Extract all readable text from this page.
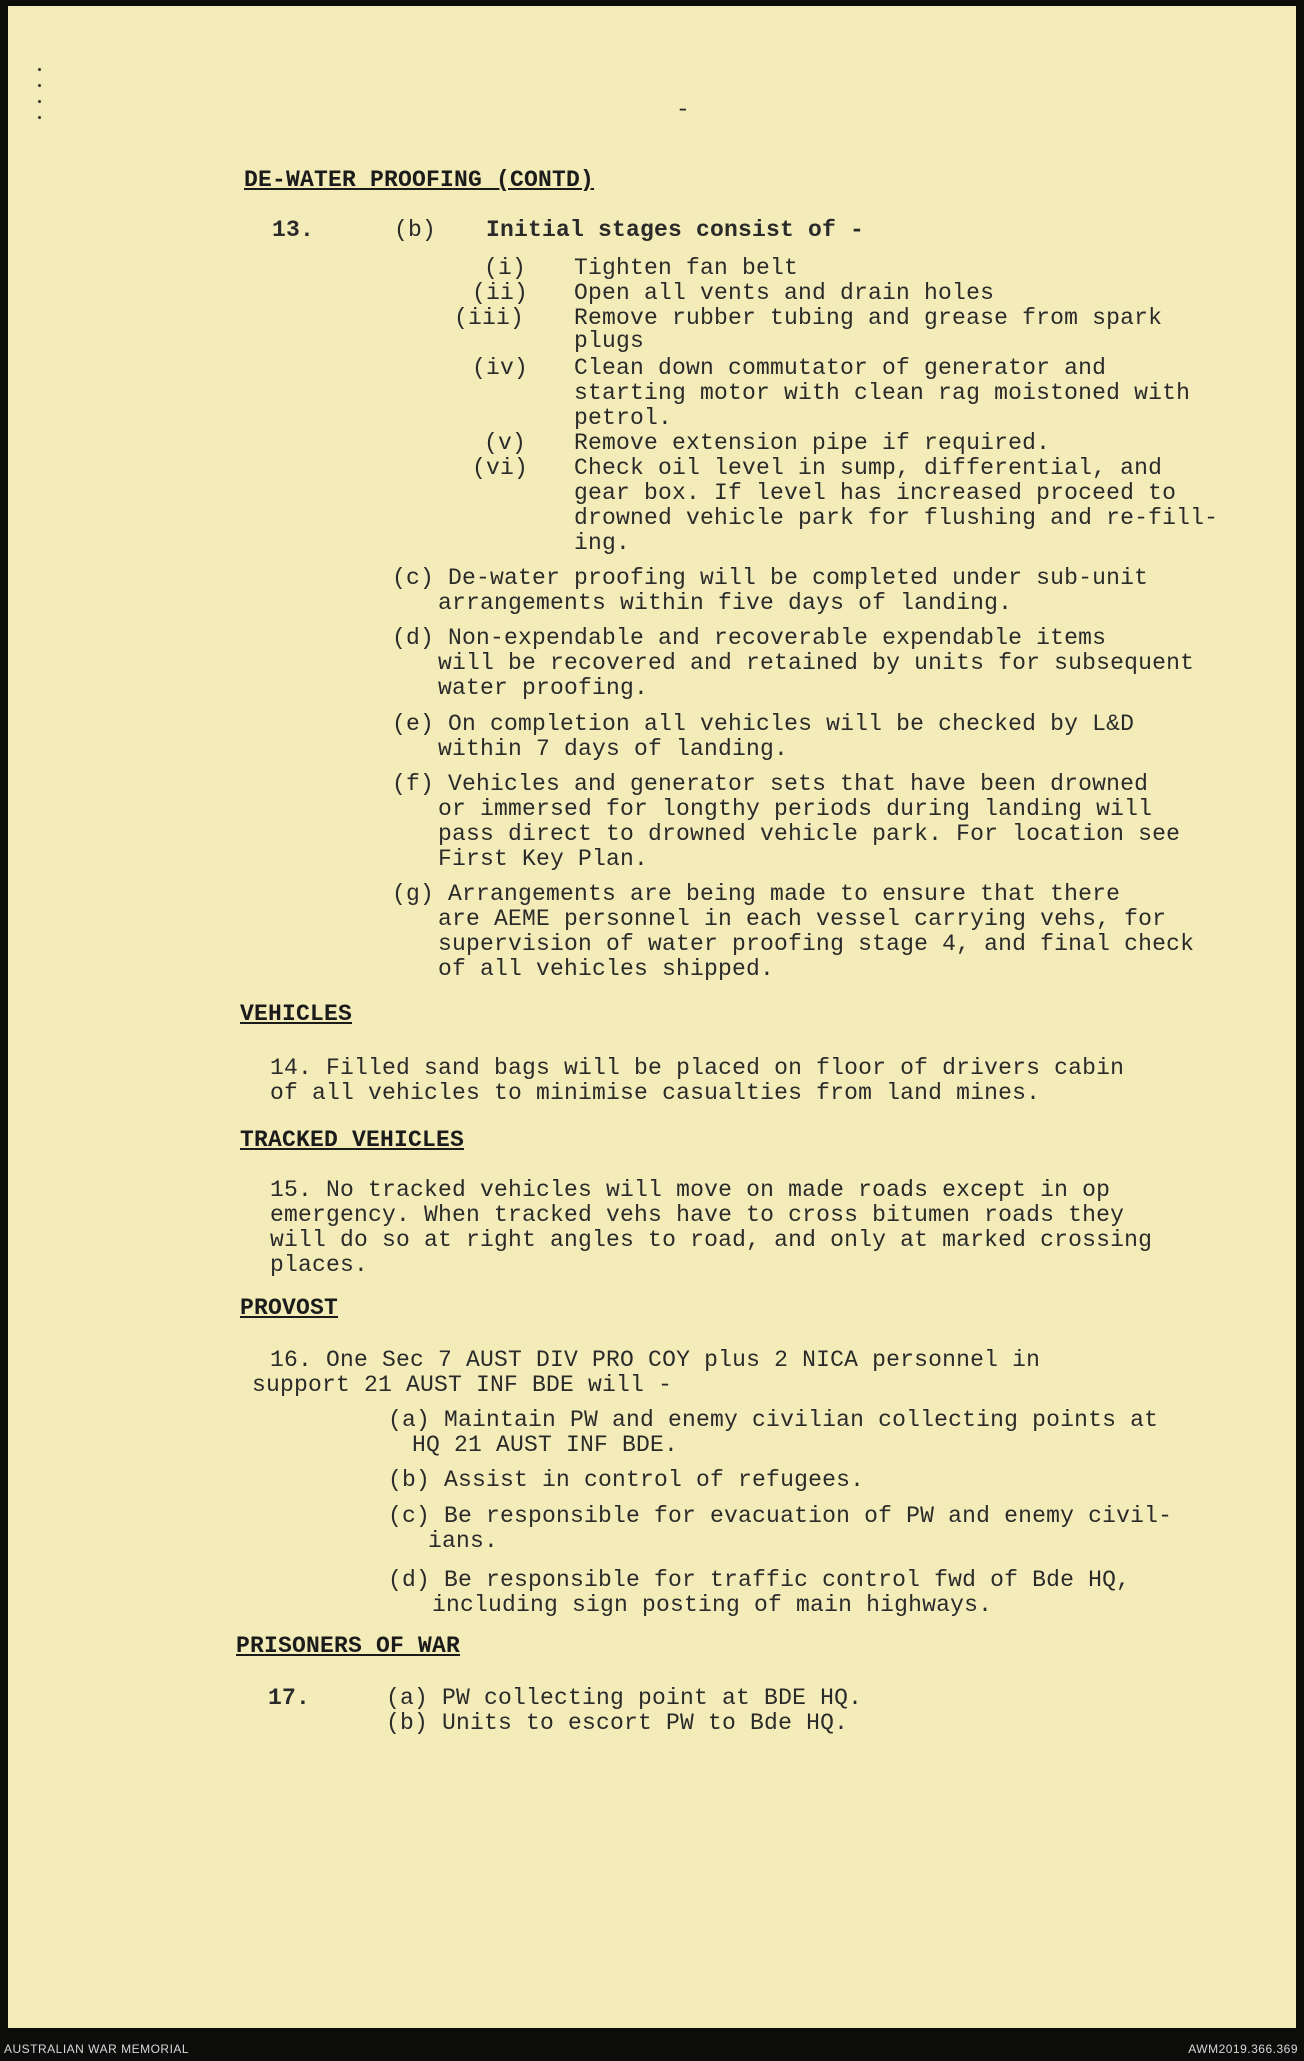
-
DE-WATER PROOFING (CONTD)
13.	(b) Initial stages consist of -
(i) Tighten fan belt
(ii) Open all vents and drain holes
(iii) Remove rubber tubing and grease from spark
plugs
(iv) Clean down commutator of generator and
starting motor with clean rag moistoned with
petrol.
(v) Remove extension pipe if required.
(vi) Check oil level in sump, differential, and
gear box. If level has increased proceed to
drowned vehicle park for flushing and re-fill-
ing.
(c) De-water proofing will be completed under sub-unit
arrangements within five days of landing.
(d) Non-expendable and recoverable expendable items
will be recovered and retained by units for subsequent
water proofing.
(e) On completion all vehicles will be checked by L&D
within 7 days of landing.
(f) Vehicles and generator sets that have been drowned
or immersed for longthy periods during landing will
pass direct to drowned vehicle park. For location see
First Key Plan.
(g) Arrangements are being made to ensure that there
are AEME personnel in each vessel carrying vehs, for
supervision of water proofing stage 4, and final check
of all vehicles shipped.
VEHICLES
14. Filled sand bags will be placed on floor of drivers cabin
of all vehicles to minimise casualties from land mines.
TRACKED VEHICLES
15. No tracked vehicles will move on made roads except in op
emergency. When tracked vehs have to cross bitumen roads they
will do so at right angles to road, and only at marked crossing
places.
PROVOST
16. One Sec 7 AUST DIV PRO COY plus 2 NICA personnel in
support 21 AUST INF BDE will -
(a) Maintain PW and enemy civilian collecting points at
HQ 21 AUST INF BDE.
(b) Assist in control of refugees.
(c) Be responsible for evacuation of PW and enemy civil-
ians.
(d) Be responsible for traffic control fwd of Bde HQ,
including sign posting of main highways.
PRISONERS OF WAR
17.	(a) PW collecting point at BDE HQ.
(b) Units to escort PW to Bde HQ.
AUSTRALIAN WAR MEMORIAL	AWM2019.366.369
